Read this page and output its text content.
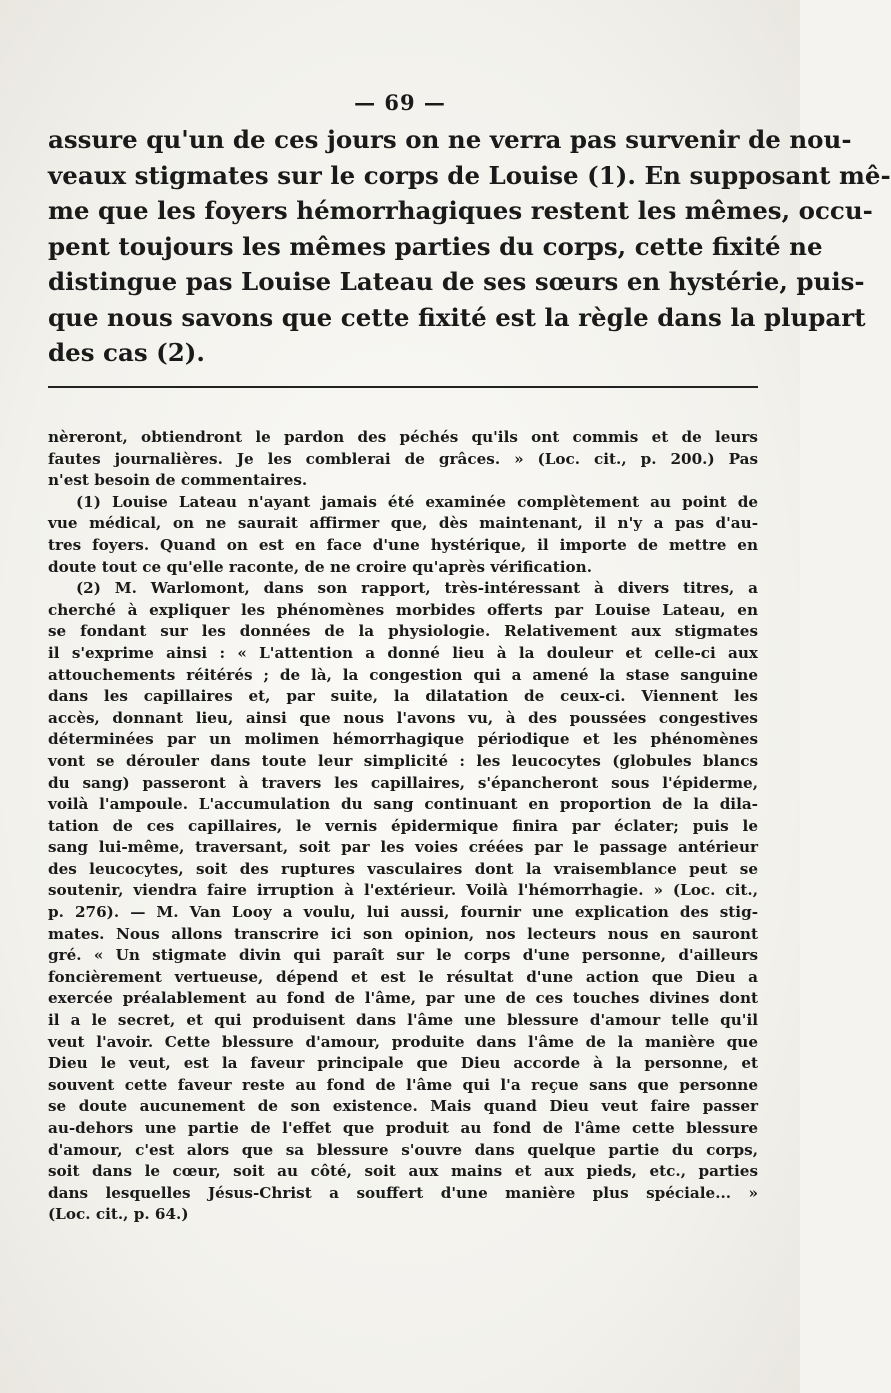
— 69 —
assure qu'un de ces jours on ne verra pas survenir de nou-
veaux stigmates sur le corps de Louise (1). En supposant mê-
me que les foyers hémorrhagiques restent les mêmes, occu-
pent toujours les mêmes parties du corps, cette fixité ne
distingue pas Louise Lateau de ses sœurs en hystérie, puis-
que nous savons que cette fixité est la règle dans la plupart
des cas (2).
nèreront, obtiendront le pardon des péchés qu'ils ont commis et de leurs
fautes journalières. Je les comblerai de grâces. » (Loc. cit., p. 200.) Pas
n'est besoin de commentaires.
(1) Louise Lateau n'ayant jamais été examinée complètement au point de
vue médical, on ne saurait affirmer que, dès maintenant, il n'y a pas d'au-
tres foyers. Quand on est en face d'une hystérique, il importe de mettre en
doute tout ce qu'elle raconte, de ne croire qu'après vérification.
(2) M. Warlomont, dans son rapport, très-intéressant à divers titres, a
cherché à expliquer les phénomènes morbides offerts par Louise Lateau, en
se fondant sur les données de la physiologie. Relativement aux stigmates
il s'exprime ainsi : « L'attention a donné lieu à la douleur et celle-ci aux
attouchements réitérés ; de là, la congestion qui a amené la stase sanguine
dans les capillaires et, par suite, la dilatation de ceux-ci. Viennent les
accès, donnant lieu, ainsi que nous l'avons vu, à des poussées congestives
déterminées par un molimen hémorrhagique périodique et les phénomènes
vont se dérouler dans toute leur simplicité : les leucocytes (globules blancs
du sang) passeront à travers les capillaires, s'épancheront sous l'épiderme,
voilà l'ampoule. L'accumulation du sang continuant en proportion de la dila-
tation de ces capillaires, le vernis épidermique finira par éclater; puis le
sang lui-même, traversant, soit par les voies créées par le passage antérieur
des leucocytes, soit des ruptures vasculaires dont la vraisemblance peut se
soutenir, viendra faire irruption à l'extérieur. Voilà l'hémorrhagie. » (Loc. cit.,
p. 276). — M. Van Looy a voulu, lui aussi, fournir une explication des stig-
mates. Nous allons transcrire ici son opinion, nos lecteurs nous en sauront
gré. « Un stigmate divin qui paraît sur le corps d'une personne, d'ailleurs
foncièrement vertueuse, dépend et est le résultat d'une action que Dieu a
exercée préalablement au fond de l'âme, par une de ces touches divines dont
il a le secret, et qui produisent dans l'âme une blessure d'amour telle qu'il
veut l'avoir. Cette blessure d'amour, produite dans l'âme de la manière que
Dieu le veut, est la faveur principale que Dieu accorde à la personne, et
souvent cette faveur reste au fond de l'âme qui l'a reçue sans que personne
se doute aucunement de son existence. Mais quand Dieu veut faire passer
au-dehors une partie de l'effet que produit au fond de l'âme cette blessure
d'amour, c'est alors que sa blessure s'ouvre dans quelque partie du corps,
soit dans le cœur, soit au côté, soit aux mains et aux pieds, etc., parties
dans lesquelles Jésus-Christ a souffert d'une manière plus spéciale... »
(Loc. cit., p. 64.)
